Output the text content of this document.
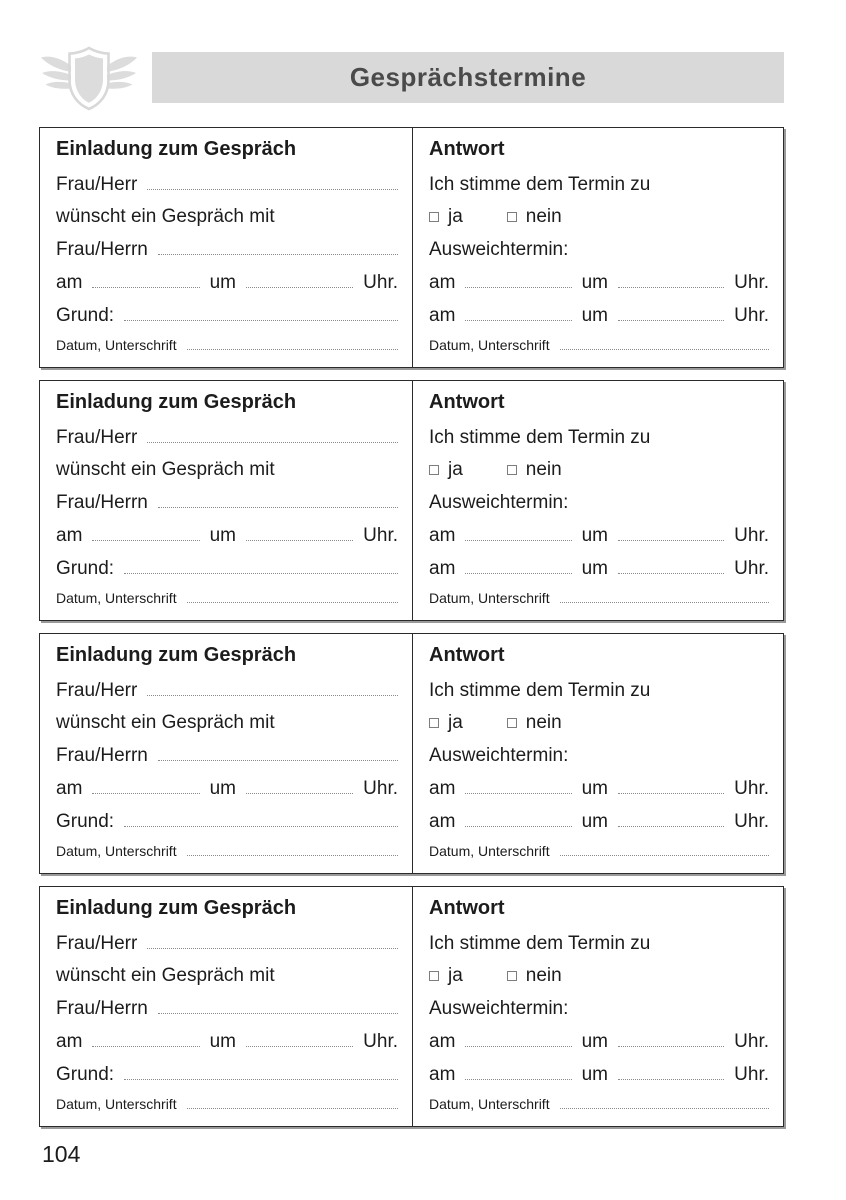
Gesprächstermine
Einladung zum Gespräch
Frau/Herr
wünscht ein Gespräch mit
Frau/Herrn
am	um	Uhr.
Grund:
Datum, Unterschrift
Antwort
Ich stimme dem Termin zu
ja	nein
Ausweichtermin:
am	um	Uhr.
am	um	Uhr.
Datum, Unterschrift
Einladung zum Gespräch
Frau/Herr
wünscht ein Gespräch mit
Frau/Herrn
am	um	Uhr.
Grund:
Datum, Unterschrift
Antwort
Ich stimme dem Termin zu
ja	nein
Ausweichtermin:
am	um	Uhr.
am	um	Uhr.
Datum, Unterschrift
Einladung zum Gespräch
Frau/Herr
wünscht ein Gespräch mit
Frau/Herrn
am	um	Uhr.
Grund:
Datum, Unterschrift
Antwort
Ich stimme dem Termin zu
ja	nein
Ausweichtermin:
am	um	Uhr.
am	um	Uhr.
Datum, Unterschrift
Einladung zum Gespräch
Frau/Herr
wünscht ein Gespräch mit
Frau/Herrn
am	um	Uhr.
Grund:
Datum, Unterschrift
Antwort
Ich stimme dem Termin zu
ja	nein
Ausweichtermin:
am	um	Uhr.
am	um	Uhr.
Datum, Unterschrift
104
